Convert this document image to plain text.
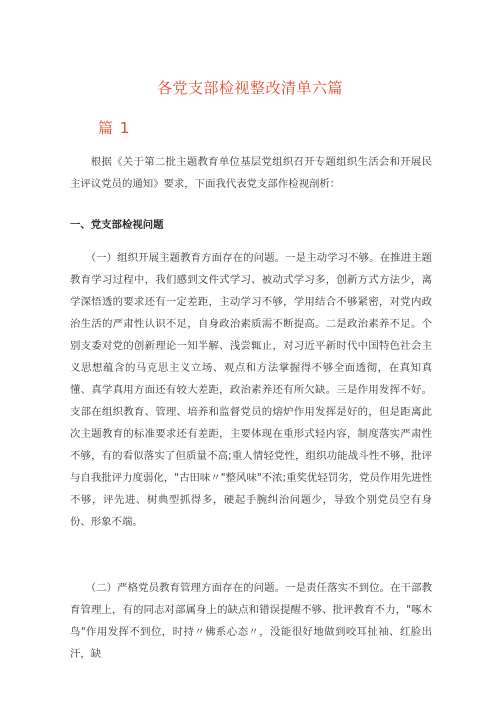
各党支部检视整改清单六篇
篇 1

根据《关于第二批主题教育单位基层党组织召开专题组织生活会和开展民主评议党员的通知》要求，下面我代表党支部作检视剖析：

一、党支部检视问题

（一）组织开展主题教育方面存在的问题。一是主动学习不够。在推进主题教育学习过程中，我们感到文件式学习、被动式学习多，创新方式方法少，离学深悟透的要求还有一定差距，主动学习不够，学用结合不够紧密，对党内政治生活的严肃性认识不足，自身政治素质需不断提高。二是政治素养不足。个别支委对党的创新理论一知半解、浅尝辄止，对习近平新时代中国特色社会主义思想蕴含的马克思主义立场、观点和方法掌握得不够全面透彻，在真知真懂、真学真用方面还有较大差距，政治素养还有所欠缺。三是作用发挥不好。支部在组织教育、管理、培养和监督党员的熔炉作用发挥是好的，但是距离此次主题教育的标准要求还有差距，主要体现在重形式轻内容，制度落实严肃性不够，有的看似落实了但质量不高;重人情轻党性，组织功能战斗性不够，批评与自我批评力度弱化，"古田味〃"整风味"不浓;重奖优轻罚劣，党员作用先进性不够，评先进、树典型抓得多，硬起手腕纠治问题少，导致个别党员空有身份、形象不端。

（二）严格党员教育管理方面存在的问题。一是责任落实不到位。在干部教育管理上，有的同志对部属身上的缺点和错误提醒不够、批评教育不力，"啄木鸟"作用发挥不到位，时持〃佛系心态〃，没能很好地做到咬耳扯袖、红脸出汗，缺
